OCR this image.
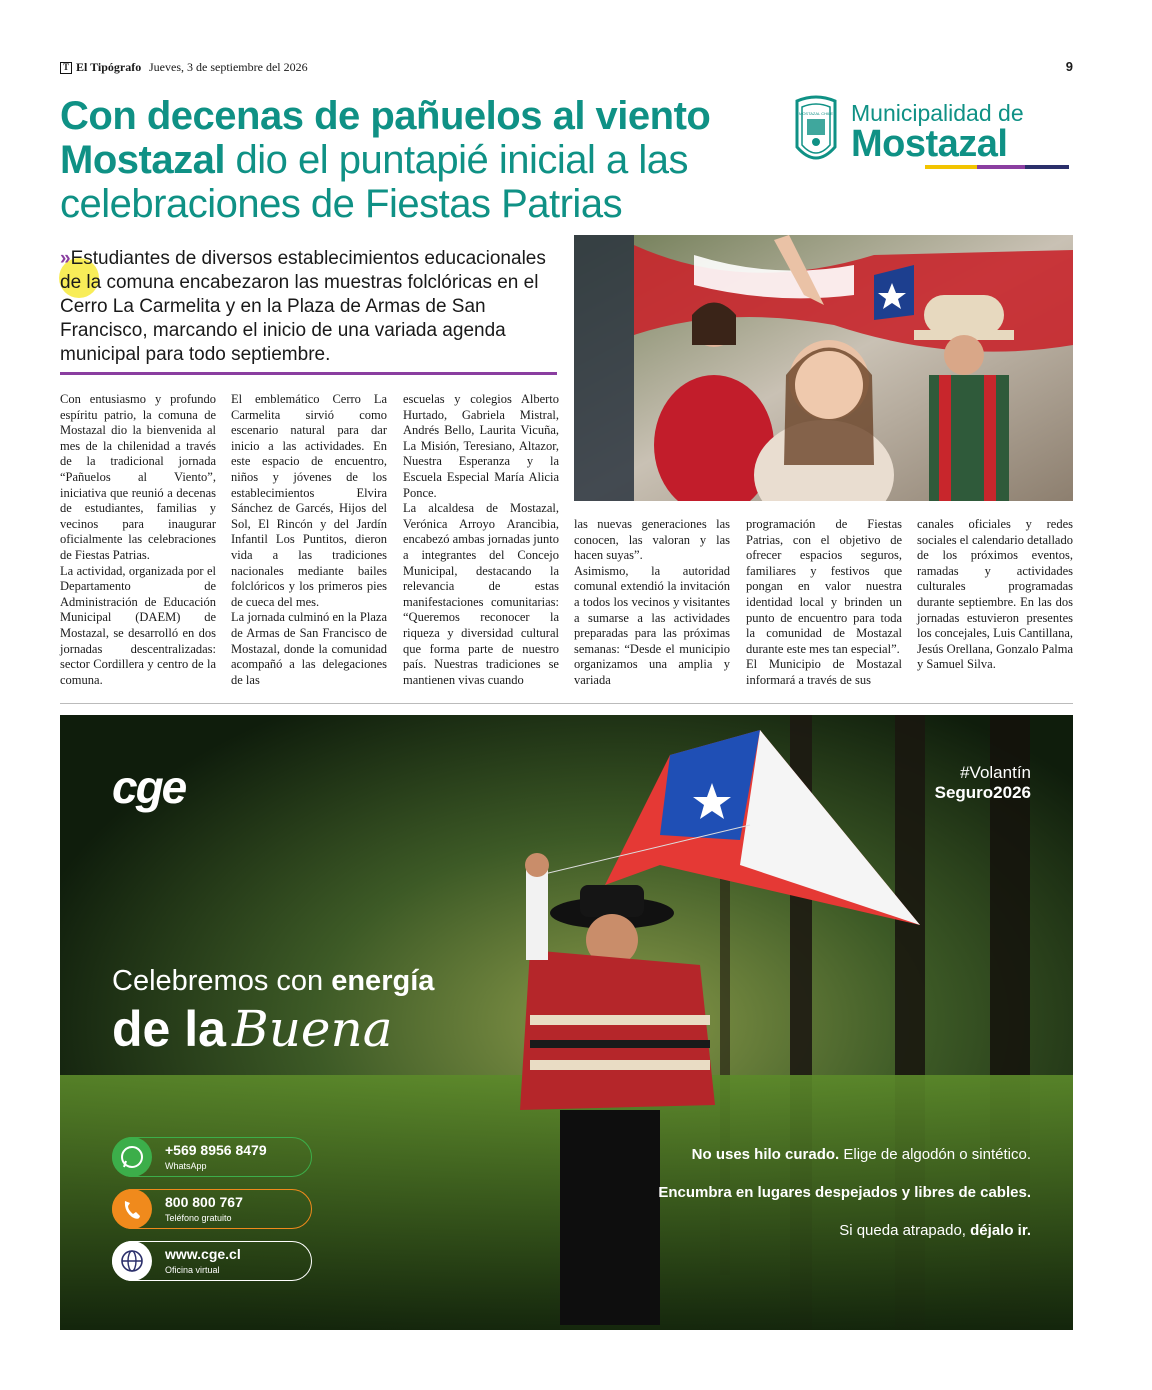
T El Tipógrafo Jueves, 3 de septiembre del 2026	9
Con decenas de pañuelos al viento
Mostazal dio el puntapié inicial a las
celebraciones de Fiestas Patrias
MOSTAZAL CHILE Municipalidad de
Mostazal

»Estudiantes de diversos establecimientos educacionales de la comuna encabezaron las muestras folclóricas en el Cerro La Carmelita y en la Plaza de Armas de San Francisco, marcando el inicio de una variada agenda municipal para todo septiembre.

Con entusiasmo y profundo espíritu patrio, la comuna de Mostazal dio la bienvenida al mes de la chilenidad a través de la tradicional jornada “Pañuelos al Viento”, iniciativa que reunió a decenas de estudiantes, familias y vecinos para inaugurar oficialmente las celebraciones de Fiestas Patrias.

La actividad, organizada por el Departamento de Administración de Educación Municipal (DAEM) de Mostazal, se desarrolló en dos jornadas descentralizadas: sector Cordillera y centro de la comuna.

El emblemático Cerro La Carmelita sirvió como escenario natural para dar inicio a las actividades. En este espacio de encuentro, niños y jóvenes de los establecimientos Elvira Sánchez de Garcés, Hijos del Sol, El Rincón y del Jardín Infantil Los Puntitos, dieron vida a las tradiciones nacionales mediante bailes folclóricos y los primeros pies de cueca del mes.

La jornada culminó en la Plaza de Armas de San Francisco de Mostazal, donde la comunidad acompañó a las delegaciones de las

escuelas y colegios Alberto Hurtado, Gabriela Mistral, Andrés Bello, Laurita Vicuña, La Misión, Teresiano, Altazor, Nuestra Esperanza y la Escuela Especial María Alicia Ponce.

La alcaldesa de Mostazal, Verónica Arroyo Arancibia, encabezó ambas jornadas junto a integrantes del Concejo Municipal, destacando la relevancia de estas manifestaciones comunitarias: “Queremos reconocer la riqueza y diversidad cultural que forma parte de nuestro país. Nuestras tradiciones se mantienen vivas cuando

las nuevas generaciones las conocen, las valoran y las hacen suyas”.

Asimismo, la autoridad comunal extendió la invitación a todos los vecinos y visitantes a sumarse a las actividades preparadas para las próximas semanas: “Desde el municipio organizamos una amplia y variada

programación de Fiestas Patrias, con el objetivo de ofrecer espacios seguros, familiares y festivos que pongan en valor nuestra identidad local y brinden un punto de encuentro para toda la comunidad de Mostazal durante este mes tan especial”.

El Municipio de Mostazal informará a través de sus

canales oficiales y redes sociales el calendario detallado de los próximos eventos, ramadas y actividades culturales programadas durante septiembre. En las dos jornadas estuvieron presentes los concejales, Luis Cantillana, Jesús Orellana, Gonzalo Palma y Samuel Silva.

cge	#Volantín
Seguro2026
Celebremos con energía
de la Buena
+569 8956 8479
WhatsApp
800 800 767
Teléfono gratuito
www.cge.cl
Oficina virtual

No uses hilo curado. Elige de algodón o sintético.

Encumbra en lugares despejados y libres de cables.

Si queda atrapado, déjalo ir.
